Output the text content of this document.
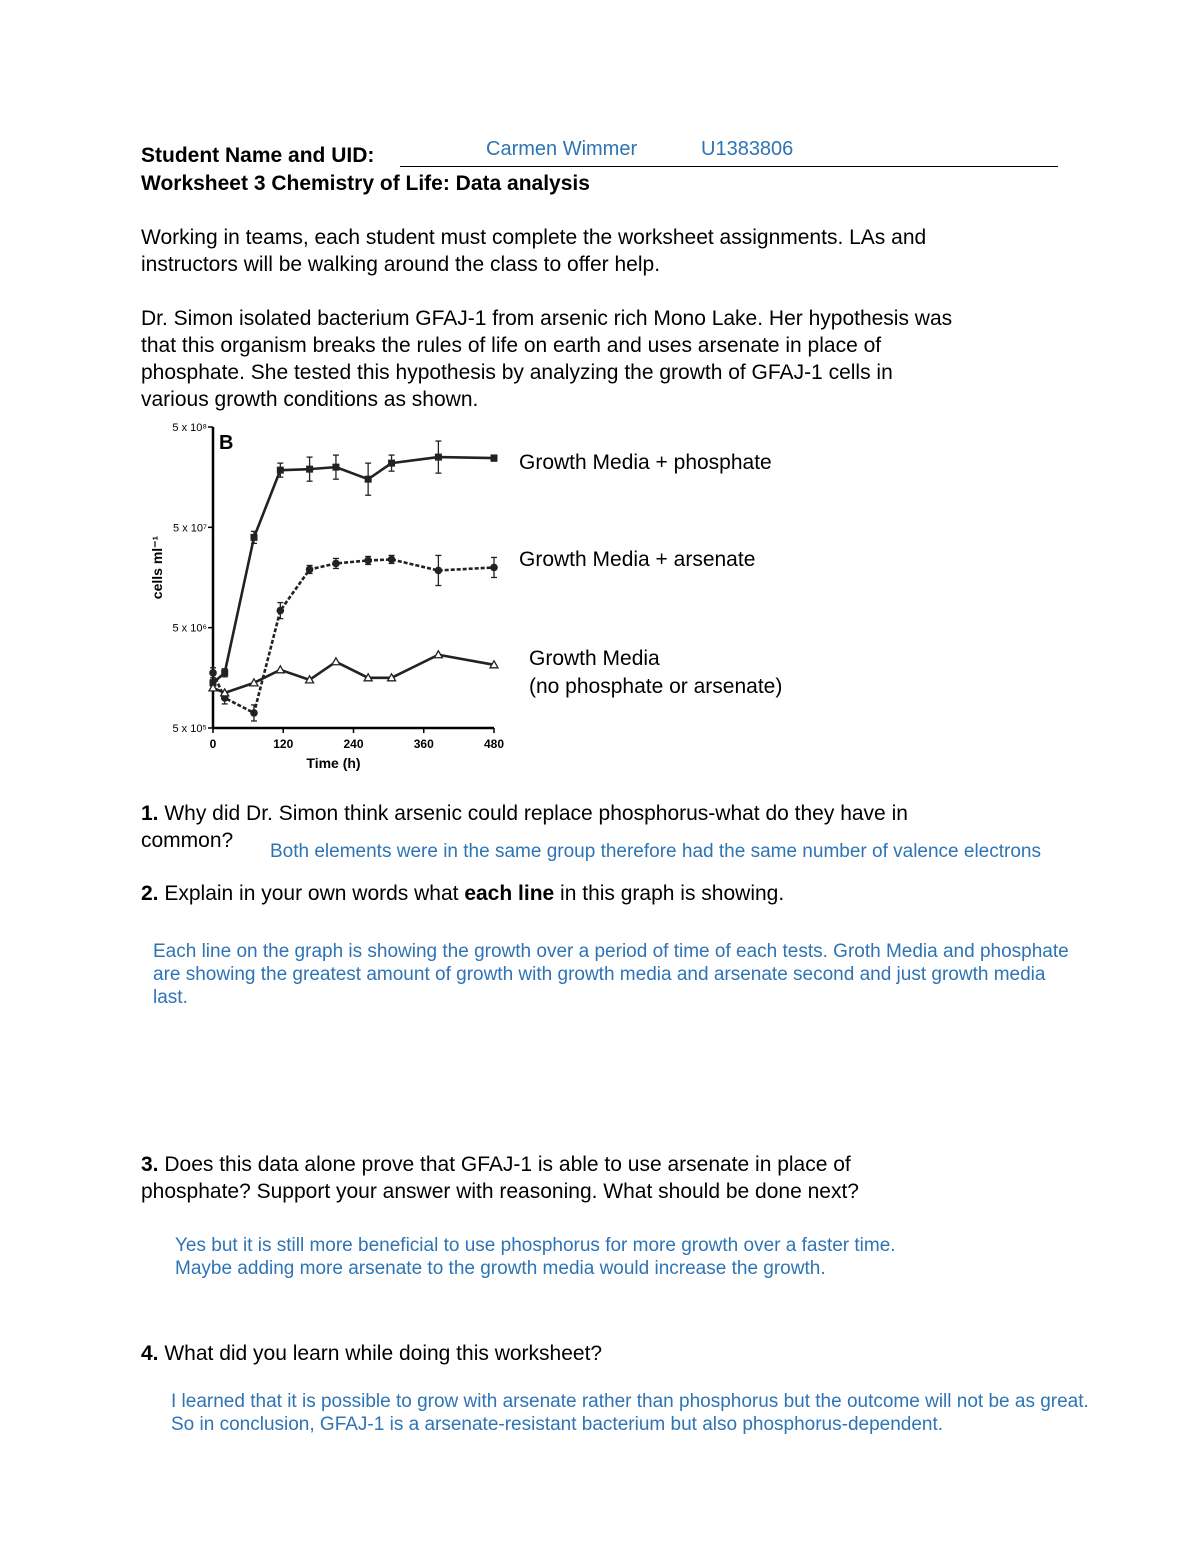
Student Name and UID:	Carmen Wimmer	U1383806
Worksheet 3 Chemistry of Life: Data analysis
Working in teams, each student must complete the worksheet assignments. LAs and
instructors will be walking around the class to offer help.
Dr. Simon isolated bacterium GFAJ-1 from arsenic rich Mono Lake. Her hypothesis was
that this organism breaks the rules of life on earth and uses arsenate in place of
phosphate. She tested this hypothesis by analyzing the growth of GFAJ-1 cells in
various growth conditions as shown.
B
5 x 10⁵
5 x 10⁶
5 x 10⁷
5 x 10⁸
0	120	240	360	480
Time (h)
cells ml⁻¹
Growth Media + phosphate
Growth Media + arsenate
Growth Media
(no phosphate or arsenate)
1. Why did Dr. Simon think arsenic could replace phosphorus-what do they have in
common?	Both elements were in the same group therefore had the same number of valence electrons
2. Explain in your own words what each line in this graph is showing.
Each line on the graph is showing the growth over a period of time of each tests. Groth Media and phosphate
are showing the greatest amount of growth with growth media and arsenate second and just growth media
last.
3. Does this data alone prove that GFAJ-1 is able to use arsenate in place of
phosphate? Support your answer with reasoning. What should be done next?
Yes but it is still more beneficial to use phosphorus for more growth over a faster time.
Maybe adding more arsenate to the growth media would increase the growth.
4. What did you learn while doing this worksheet?
I learned that it is possible to grow with arsenate rather than phosphorus but the outcome will not be as great.
So in conclusion, GFAJ-1 is a arsenate-resistant bacterium but also phosphorus-dependent.
